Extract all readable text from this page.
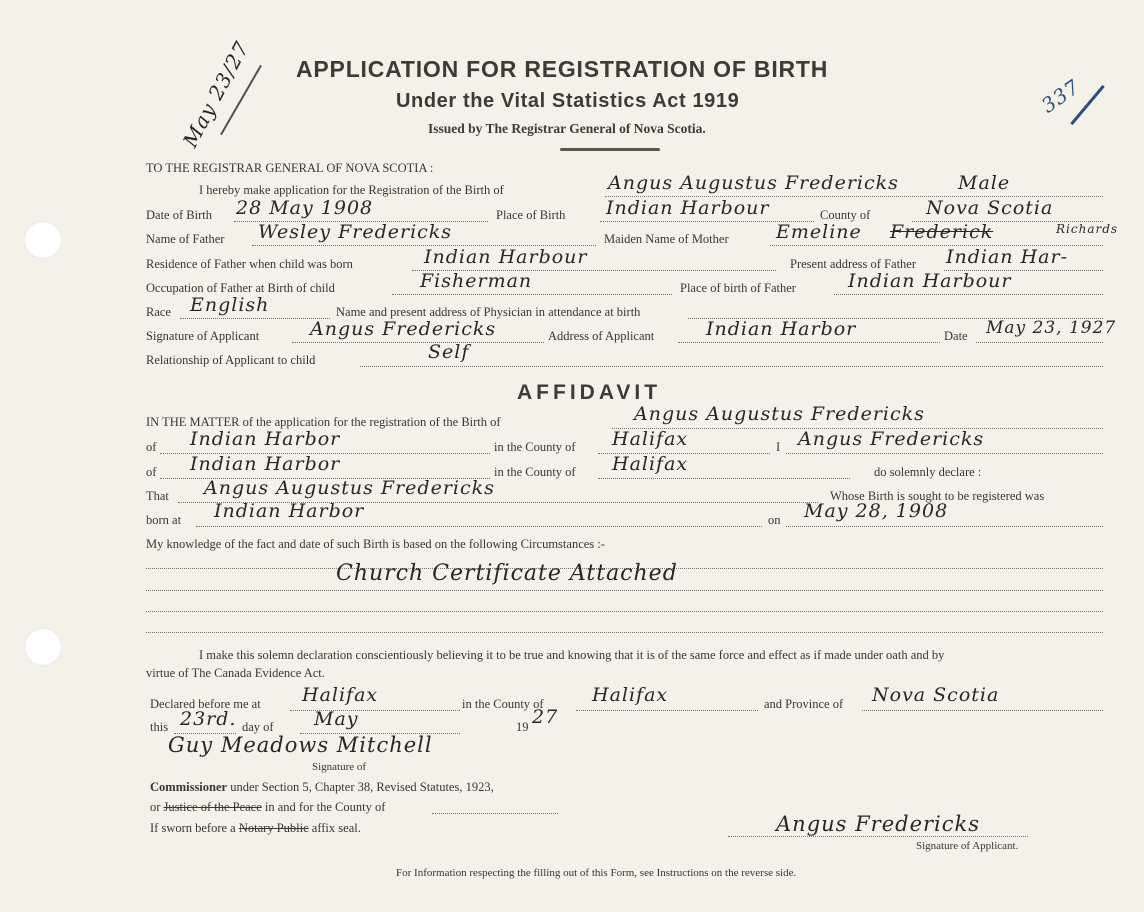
May 23/27	337
APPLICATION FOR REGISTRATION OF BIRTH
Under the Vital Statistics Act 1919
Issued by The Registrar General of Nova Scotia.
TO THE REGISTRAR GENERAL OF NOVA SCOTIA :
I hereby make application for the Registration of the Birth of	Angus Augustus Fredericks	Male
Date of Birth 28 May 1908	Place of Birth Indian Harbour	County of	Nova Scotia
Name of Father Wesley Fredericks	Maiden Name of Mother Emeline Frederick	Richards
Residence of Father when child was born	Indian Harbour	Present address of Father Indian Har-
Occupation of Father at Birth of child	Fisherman	Place of birth of Father	Indian Harbour
Race English	Name and present address of Physician in attendance at birth
Signature of Applicant	Angus Fredericks	Address of Applicant	Indian Harbor	Date May 23, 1927
Relationship of Applicant to child	Self
AFFIDAVIT
IN THE MATTER of the application for the registration of the Birth of	Angus Augustus Fredericks
of Indian Harbor	in the County of Halifax	I Angus Fredericks
of Indian Harbor	in the County of Halifax	do solemnly declare :
That Angus Augustus Fredericks	Whose Birth is sought to be registered was
born at Indian Harbor	on May 28, 1908
My knowledge of the fact and date of such Birth is based on the following Circumstances :-
Church Certificate Attached
I make this solemn declaration conscientiously believing it to be true and knowing that it is of the same force and effect as if made under oath and by
virtue of The Canada Evidence Act.
Declared before me at Halifax	in the County of	Halifax	and Province of Nova Scotia
this 23rd. day of May	19 27
Guy Meadows Mitchell
Signature of
Commissioner under Section 5, Chapter 38, Revised Statutes, 1923,
or Justice of the Peace in and for the County of
If sworn before a Notary Public affix seal.	Angus Fredericks
Signature of Applicant.
For Information respecting the filling out of this Form, see Instructions on the reverse side.
